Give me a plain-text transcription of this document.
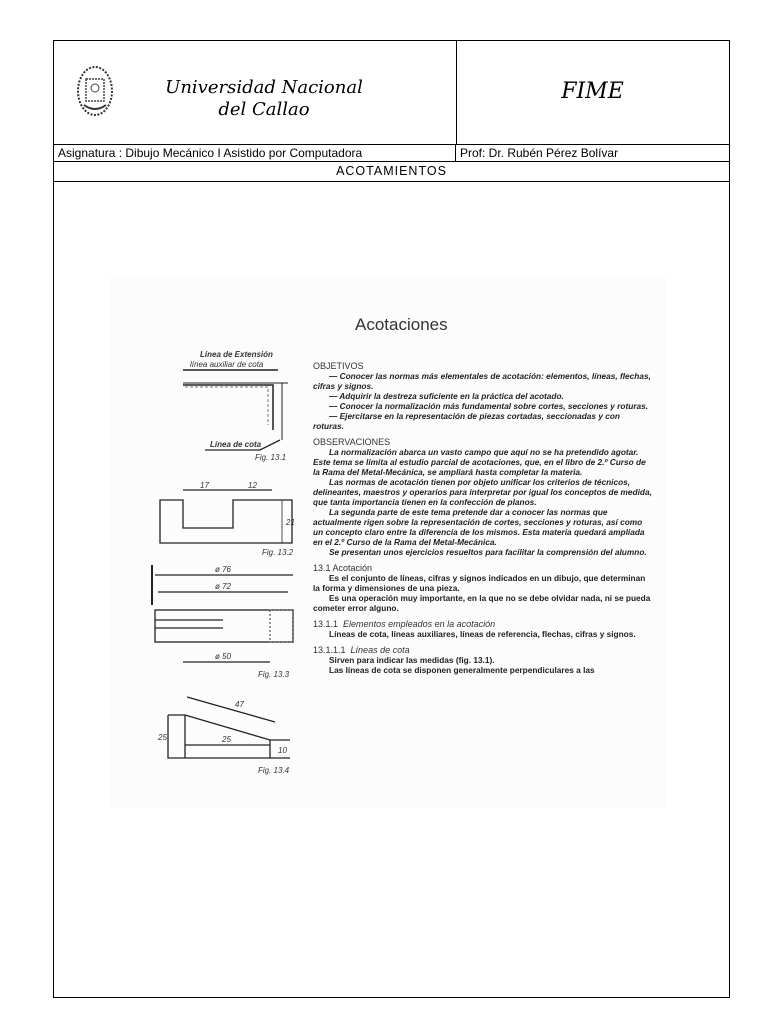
Universidad Nacional
del Callao
FIME
Asignatura : Dibujo Mecánico I Asistido por Computadora	Prof: Dr. Rubén Pérez Bolívar
ACOTAMIENTOS
Línea de Extensión
línea auxiliar de cota
Línea de cota
Fig. 13.1
17	12
21
Fig. 13.2
ø 76
ø 72
ø 50
Fig. 13.3
47
25
25
10
Fig. 13.4
Acotaciones
OBJETIVOS
— Conocer las normas más elementales de acotación: elementos, líneas, flechas, cifras y signos.
— Adquirir la destreza suficiente en la práctica del acotado.
— Conocer la normalización más fundamental sobre cortes, secciones y roturas.
— Ejercitarse en la representación de piezas cortadas, seccionadas y con roturas.
OBSERVACIONES
La normalización abarca un vasto campo que aquí no se ha pretendido agotar. Este tema se limita al estudio parcial de acotaciones, que, en el libro de 2.º Curso de la Rama del Metal-Mecánica, se ampliará hasta completar la materia.
Las normas de acotación tienen por objeto unificar los criterios de técnicos, delineantes, maestros y operarios para interpretar por igual los conceptos de medida, que tanta importancia tienen en la confección de planos.
La segunda parte de este tema pretende dar a conocer las normas que actualmente rigen sobre la representación de cortes, secciones y roturas, así como un concepto claro entre la diferencia de los mismos. Esta materia quedará ampliada en el 2.º Curso de la Rama del Metal-Mecánica.
Se presentan unos ejercicios resueltos para facilitar la comprensión del alumno.
13.1 Acotación
Es el conjunto de líneas, cifras y signos indicados en un dibujo, que determinan la forma y dimensiones de una pieza.
Es una operación muy importante, en la que no se debe olvidar nada, ni se pueda cometer error alguno.
13.1.1 Elementos empleados en la acotación
Líneas de cota, líneas auxiliares, líneas de referencia, flechas, cifras y signos.
13.1.1.1 Líneas de cota
Sirven para indicar las medidas (fig. 13.1).
Las líneas de cota se disponen generalmente perpendiculares a las
